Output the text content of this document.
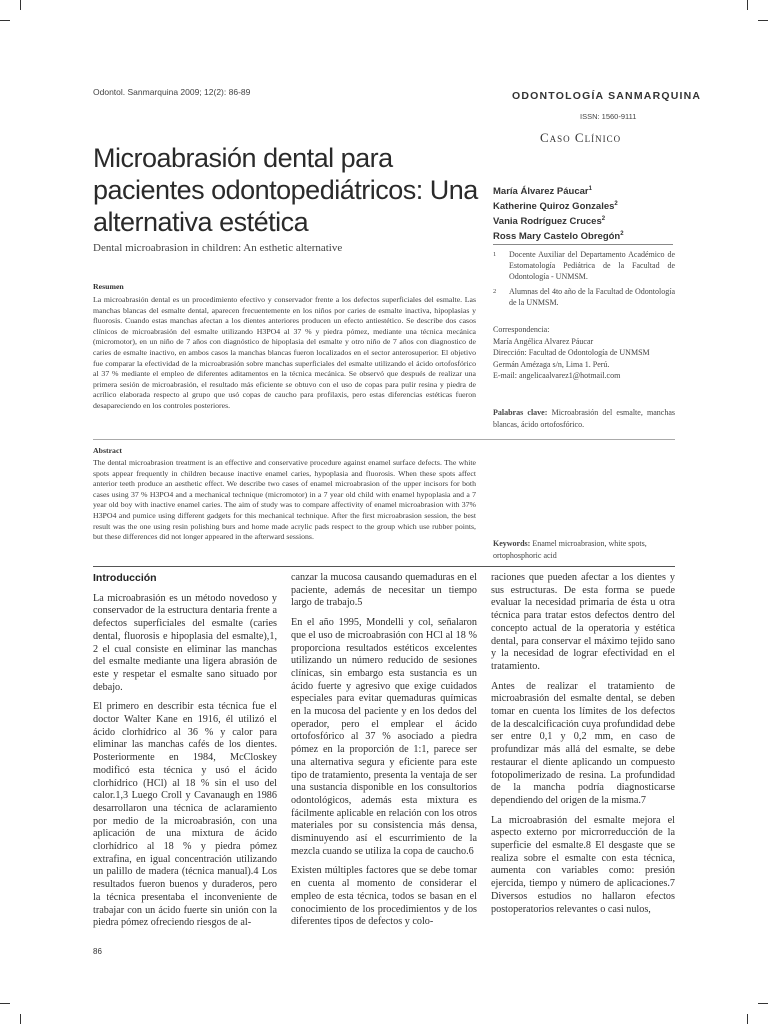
Odontol. Sanmarquina 2009; 12(2): 86-89	ODONTOLOGÍA SANMARQUINA
ISSN: 1560-9111
Caso Clínico
Microabrasión dental para
pacientes odontopediátricos: Una
alternativa estética
Dental microabrasion in children: An esthetic alternative
María Álvarez Páucar$^1$
Katherine Quiroz Gonzales$^2$
Vania Rodríguez Cruces$^2$
Ross Mary Castelo Obregón$^2$
1	Docente Auxiliar del Departamento Académico de Estomatología Pediátrica de la Facultad de Odontología - UNMSM.
2	Alumnas del 4to año de la Facultad de Odontología de la UNMSM.
Correspondencia:
María Angélica Alvarez Páucar
Dirección: Facultad de Odontología de UNMSM
Germán Amézaga s/n, Lima 1. Perú.
E-mail: angelicaalvarez1@hotmail.com
Palabras clave: Microabrasión del esmalte, manchas blancas, ácido ortofosfórico.
Resumen
La microabrasión dental es un procedimiento efectivo y conservador frente a los defectos superficiales del esmalte. Las manchas blancas del esmalte dental, aparecen frecuentemente en los niños por caries de esmalte inactiva, hipoplasias y fluorosis. Cuando estas manchas afectan a los dientes anteriores producen un efecto antiestético. Se describe dos casos clínicos de microabrasión del esmalte utilizando H3PO4 al 37 % y piedra pómez, mediante una técnica mecánica (micromotor), en un niño de 7 años con diagnóstico de hipoplasia del esmalte y otro niño de 7 años con diagnostico de caries de esmalte inactivo, en ambos casos la manchas blancas fueron localizados en el sector anterosuperior. El objetivo fue comparar la efectividad de la microabrasión sobre manchas superficiales del esmalte utilizando el ácido ortofosfórico al 37 % mediante el empleo de diferentes aditamentos en la técnica mecánica. Se observó que después de realizar una primera sesión de microabrasión, el resultado más eficiente se obtuvo con el uso de copas para pulir resina y piedra de acrílico elaborada respecto al grupo que usó copas de caucho para profilaxis, pero estas diferencias estéticas fueron desapareciendo en los controles posteriores.
Abstract
The dental microabrasion treatment is an effective and conservative procedure against enamel surface defects. The white spots appear frequently in children because inactive enamel caries, hypoplasia and fluorosis. When these spots affect anterior teeth produce an aesthetic effect. We describe two cases of enamel microabrasion of the upper incisors for both cases using 37 % H3PO4 and a mechanical technique (micromotor) in a 7 year old child with enamel hypoplasia and a 7 year old boy with inactive enamel caries. The aim of study was to compare affectivity of enamel microabrasion with 37% H3PO4 and pumice using different gadgets for this mechanical technique. After the first microabrasion session, the best result was the one using resin polishing burs and home made acrylic pads respect to the group which use rubber points, but these differences did not longer appeared in the afterward sessions.
Keywords: Enamel microabrasion, white spots, ortophosphoric acid
Introducción

La microabrasión es un método novedoso y conservador de la estructura dentaria frente a defectos superficiales del esmalte (caries dental, fluorosis e hipoplasia del esmalte),1, 2 el cual consiste en eliminar las manchas del esmalte mediante una ligera abrasión de este y respetar el esmalte sano situado por debajo.

El primero en describir esta técnica fue el doctor Walter Kane en 1916, él utilizó el ácido clorhídrico al 36 % y calor para eliminar las manchas cafés de los dientes. Posteriormente en 1984, McCloskey modificó esta técnica y usó el ácido clorhídrico (HCl) al 18 % sin el uso del calor.1,3 Luego Croll y Cavanaugh en 1986 desarrollaron una técnica de aclaramiento por medio de la microabrasión, con una aplicación de una mixtura de ácido clorhídrico al 18 % y piedra pómez extrafina, en igual concentración utilizando un palillo de madera (técnica manual).4 Los resultados fueron buenos y duraderos, pero la técnica presentaba el inconveniente de trabajar con un ácido fuerte sin unión con la piedra pómez ofreciendo riesgos de al-

canzar la mucosa causando quemaduras en el paciente, además de necesitar un tiempo largo de trabajo.5

En el año 1995, Mondelli y col, señalaron que el uso de microabrasión con HCl al 18 % proporciona resultados estéticos excelentes utilizando un número reducido de sesiones clínicas, sin embargo esta sustancia es un ácido fuerte y agresivo que exige cuidados especiales para evitar quemaduras químicas en la mucosa del paciente y en los dedos del operador, pero el emplear el ácido ortofosfórico al 37 % asociado a piedra pómez en la proporción de 1:1, parece ser una alternativa segura y eficiente para este tipo de tratamiento, presenta la ventaja de ser una sustancia disponible en los consultorios odontológicos, además esta mixtura es fácilmente aplicable en relación con los otros materiales por su consistencia más densa, disminuyendo así el escurrimiento de la mezcla cuando se utiliza la copa de caucho.6

Existen múltiples factores que se debe tomar en cuenta al momento de considerar el empleo de esta técnica, todos se basan en el conocimiento de los procedimientos y de los diferentes tipos de defectos y colo-

raciones que pueden afectar a los dientes y sus estructuras. De esta forma se puede evaluar la necesidad primaria de ésta u otra técnica para tratar estos defectos dentro del concepto actual de la operatoria y estética dental, para conservar el máximo tejido sano y la necesidad de lograr efectividad en el tratamiento.

Antes de realizar el tratamiento de microabrasión del esmalte dental, se deben tomar en cuenta los límites de los defectos de la descalcificación cuya profundidad debe ser entre 0,1 y 0,2 mm, en caso de profundizar más allá del esmalte, se debe restaurar el diente aplicando un compuesto fotopolimerizado de resina. La profundidad de la mancha podría diagnosticarse dependiendo del origen de la misma.7

La microabrasión del esmalte mejora el aspecto externo por microrreducción de la superficie del esmalte.8 El desgaste que se realiza sobre el esmalte con esta técnica, aumenta con variables como: presión ejercida, tiempo y número de aplicaciones.7 Diversos estudios no hallaron efectos postoperatorios relevantes o casi nulos,

86
